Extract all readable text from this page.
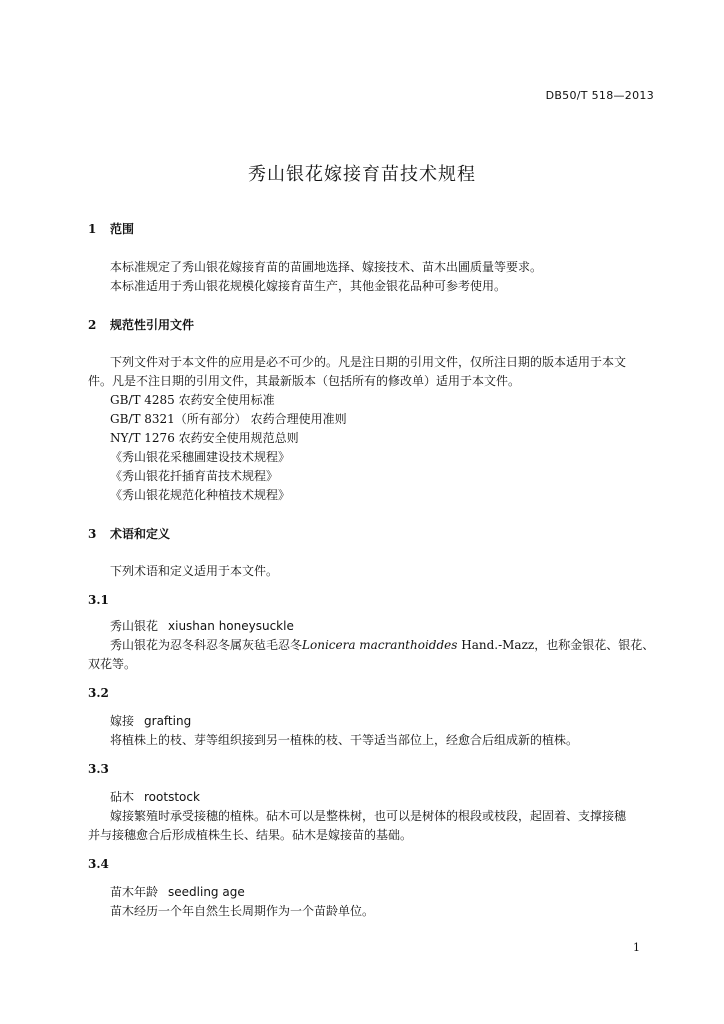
DB50/T 518—2013

秀山银花嫁接育苗技术规程

1 范围

本标准规定了秀山银花嫁接育苗的苗圃地选择、嫁接技术、苗木出圃质量等要求。

本标准适用于秀山银花规模化嫁接育苗生产，其他金银花品种可参考使用。

2 规范性引用文件

下列文件对于本文件的应用是必不可少的。凡是注日期的引用文件，仅所注日期的版本适用于本文

件。凡是不注日期的引用文件，其最新版本（包括所有的修改单）适用于本文件。

GB/T 4285 农药安全使用标准

GB/T 8321（所有部分） 农药合理使用准则

NY/T 1276 农药安全使用规范总则

《秀山银花采穗圃建设技术规程》

《秀山银花扦插育苗技术规程》

《秀山银花规范化种植技术规程》

3 术语和定义

下列术语和定义适用于本文件。

3.1

秀山银花 xiushan honeysuckle

秀山银花为忍冬科忍冬属灰毡毛忍冬Lonicera macranthoiddes Hand.-Mazz，也称金银花、银花、

双花等。

3.2

嫁接 grafting

将植株上的枝、芽等组织接到另一植株的枝、干等适当部位上，经愈合后组成新的植株。

3.3

砧木 rootstock

嫁接繁殖时承受接穗的植株。砧木可以是整株树，也可以是树体的根段或枝段，起固着、支撑接穗

并与接穗愈合后形成植株生长、结果。砧木是嫁接苗的基础。

3.4

苗木年龄 seedling age

苗木经历一个年自然生长周期作为一个苗龄单位。

1
